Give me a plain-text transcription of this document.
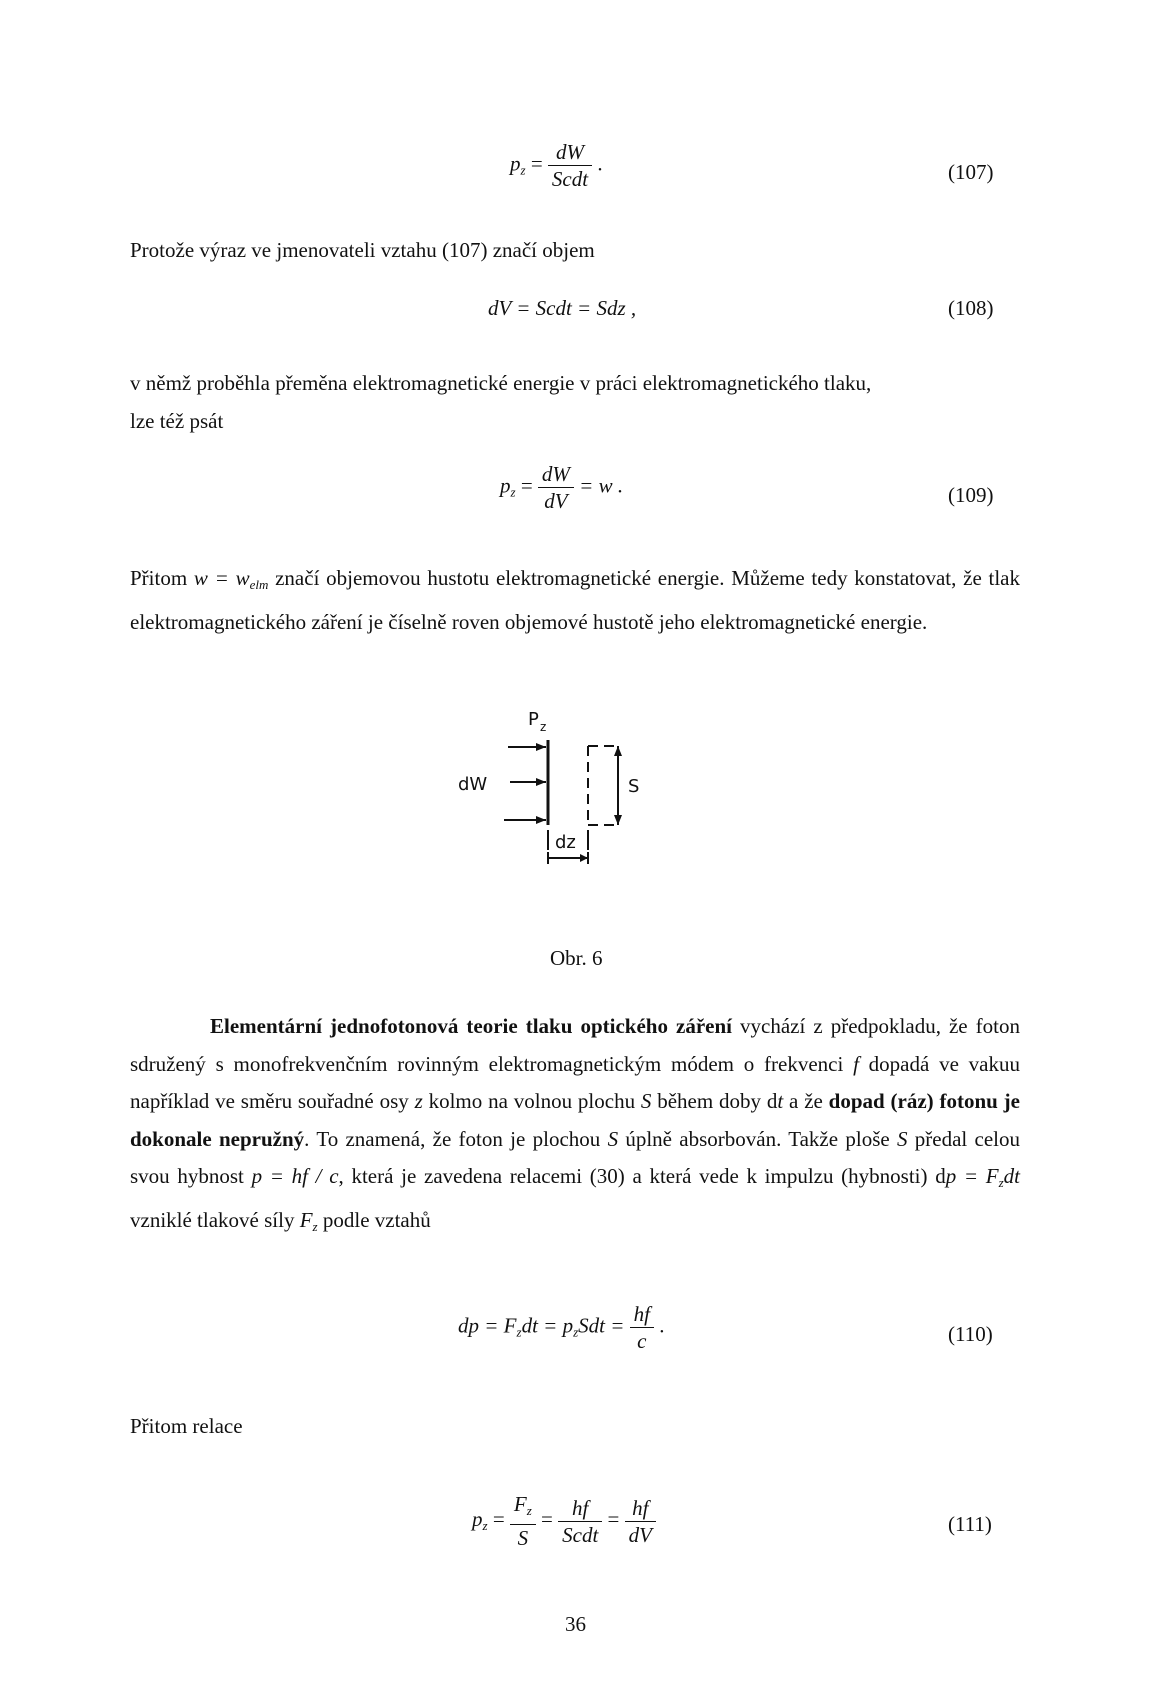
$p_z = \frac{dW}{\text{Scdt}}$ .	(107)
Protože výraz ve jmenovateli vztahu (107) značí objem
dV = Scdt = Sdz ,	(108)
v němž proběhla přeměna elektromagnetické energie v práci elektromagnetického tlaku,
lze též psát
$p_z = \frac{dW}{dV} = w$ .	(109)
Přitom $w = w_{elm}$ značí objemovou hustotu elektromagnetické energie. Můžeme tedy konstatovat, že tlak elektromagnetického záření je číselně roven objemové hustotě jeho elektromagnetické energie.
P z
dW	S
dz
Obr. 6
Elementární jednofotonová teorie tlaku optického záření vychází z předpokladu, že foton sdružený s monofrekvenčním rovinným elektromagnetickým módem o frekvenci f dopadá ve vakuu například ve směru souřadné osy z kolmo na volnou plochu S během doby dt a že dopad (ráz) fotonu je dokonale nepružný. To znamená, že foton je plochou S úplně absorbován. Takže ploše S předal celou svou hybnost p = hf / c, která je zavedena relacemi (30) a která vede k impulzu (hybnosti) dp = $F_zdt$ vzniklé tlakové síly $F_z$ podle vztahů
dp = $F_zdt = p_zSdt = \frac{hf}{c}$ .	(110)
Přitom relace
$p_z = \frac{F_z}{S} = \frac{hf}{\text{Scdt}} = \frac{hf}{dV}$	(111)
36
